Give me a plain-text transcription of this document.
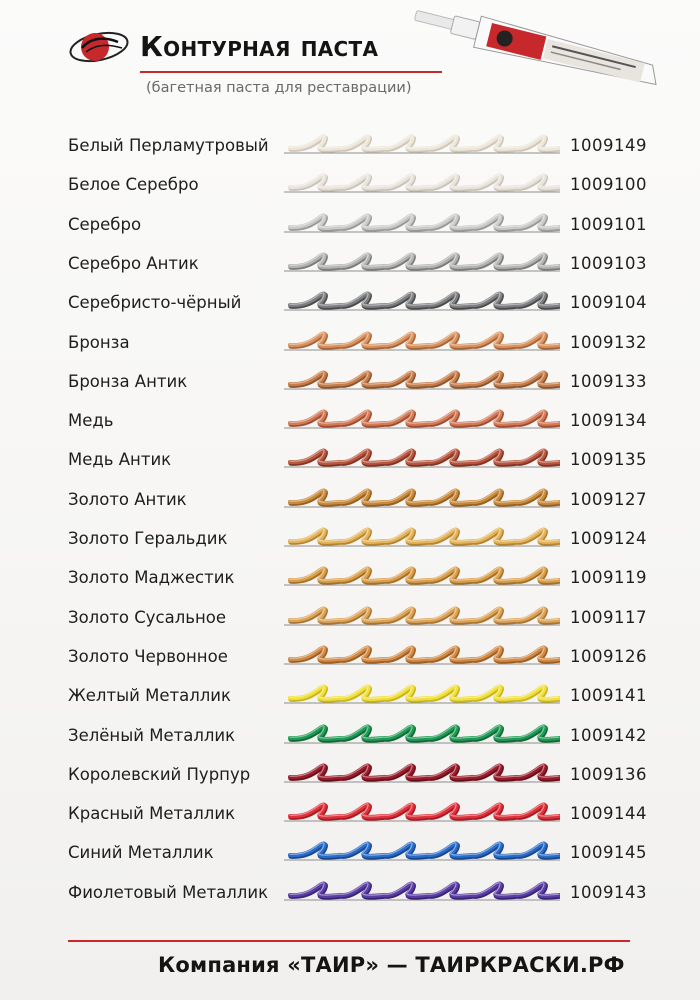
Контурная паста
(багетная паста для реставрации)
Белый Перламутровый	1009149
Белое Серебро	1009100
Серебро	1009101
Серебро Антик	1009103
Серебристо-чёрный	1009104
Бронза	1009132
Бронза Антик	1009133
Медь	1009134
Медь Антик	1009135
Золото Антик	1009127
Золото Геральдик	1009124
Золото Маджестик	1009119
Золото Сусальное	1009117
Золото Червонное	1009126
Желтый Металлик	1009141
Зелёный Металлик	1009142
Королевский Пурпур	1009136
Красный Металлик	1009144
Синий Металлик	1009145
Фиолетовый Металлик	1009143
Компания «ТАИР» — ТАИРКРАСКИ.РФ
